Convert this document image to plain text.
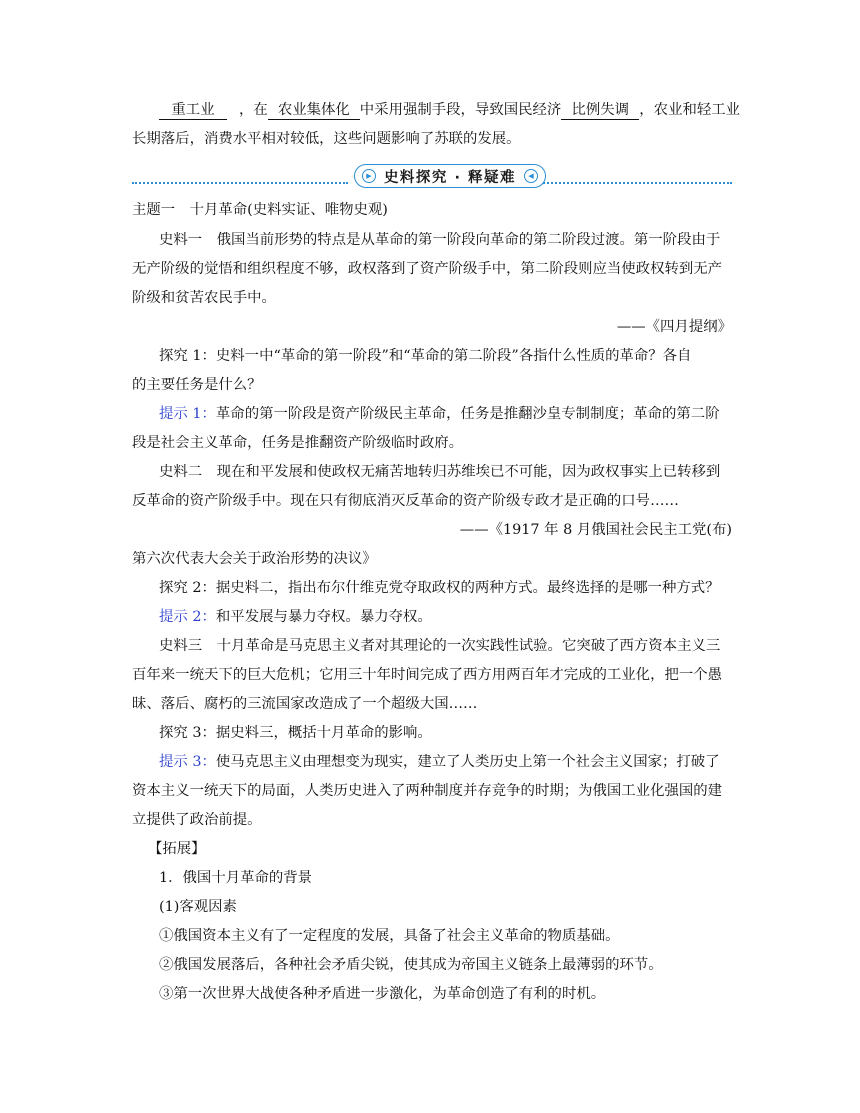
重工业 ，在 农业集体化 中采用强制手段，导致国民经济 比例失调 ，农业和轻工业
长期落后，消费水平相对较低，这些问题影响了苏联的发展。
史料探究 · 释疑难
▶	◀
主题一　十月革命(史料实证、唯物史观)
史料一　俄国当前形势的特点是从革命的第一阶段向革命的第二阶段过渡。第一阶段由于
无产阶级的觉悟和组织程度不够，政权落到了资产阶级手中，第二阶段则应当使政权转到无产
阶级和贫苦农民手中。
——《四月提纲》
探究 1：史料一中“革命的第一阶段”和“革命的第二阶段”各指什么性质的革命？各自
的主要任务是什么？
提示 1：革命的第一阶段是资产阶级民主革命，任务是推翻沙皇专制制度；革命的第二阶
段是社会主义革命，任务是推翻资产阶级临时政府。
史料二　现在和平发展和使政权无痛苦地转归苏维埃已不可能，因为政权事实上已转移到
反革命的资产阶级手中。现在只有彻底消灭反革命的资产阶级专政才是正确的口号……
——《1917 年 8 月俄国社会民主工党(布)
第六次代表大会关于政治形势的决议》
探究 2：据史料二，指出布尔什维克党夺取政权的两种方式。最终选择的是哪一种方式？
提示 2：和平发展与暴力夺权。暴力夺权。
史料三　十月革命是马克思主义者对其理论的一次实践性试验。它突破了西方资本主义三
百年来一统天下的巨大危机；它用三十年时间完成了西方用两百年才完成的工业化，把一个愚
昧、落后、腐朽的三流国家改造成了一个超级大国……
探究 3：据史料三，概括十月革命的影响。
提示 3：使马克思主义由理想变为现实，建立了人类历史上第一个社会主义国家；打破了
资本主义一统天下的局面，人类历史进入了两种制度并存竞争的时期；为俄国工业化强国的建
立提供了政治前提。
【拓展】
1．俄国十月革命的背景
(1)客观因素
①俄国资本主义有了一定程度的发展，具备了社会主义革命的物质基础。
②俄国发展落后，各种社会矛盾尖锐，使其成为帝国主义链条上最薄弱的环节。
③第一次世界大战使各种矛盾进一步激化，为革命创造了有利的时机。
